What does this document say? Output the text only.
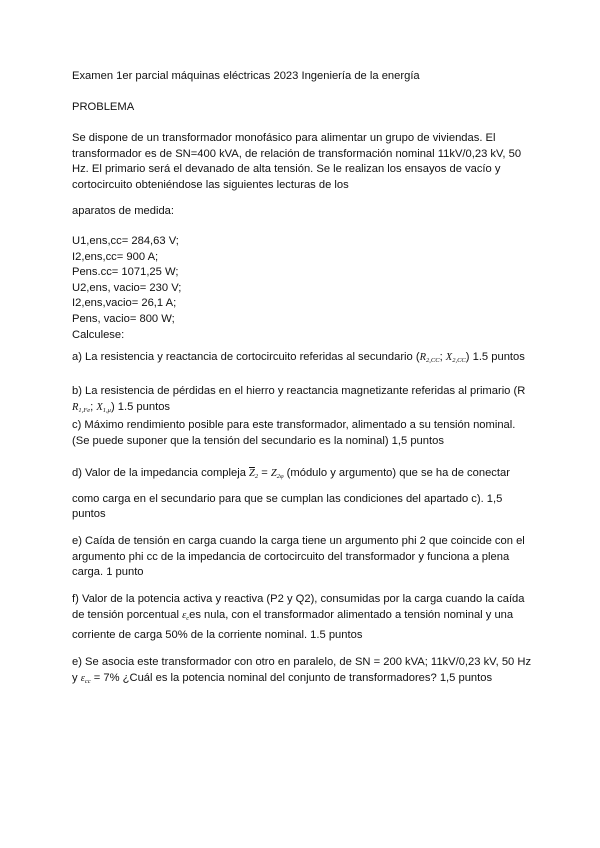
Examen 1er parcial máquinas eléctricas 2023 Ingeniería de la energía
PROBLEMA
Se dispone de un transformador monofásico para alimentar un grupo de viviendas. El
transformador es de SN=400 kVA, de relación de transformación nominal 11kV/0,23 kV, 50
Hz. El primario será el devanado de alta tensión. Se le realizan los ensayos de vacío y
cortocircuito obteniéndose las siguientes lecturas de los
aparatos de medida:
U1,ens,cc= 284,63 V;
I2,ens,cc= 900 A;
Pens.cc= 1071,25 W;
U2,ens, vacio= 230 V;
I2,ens,vacio= 26,1 A;
Pens, vacio= 800 W;
Calculese:
a) La resistencia y reactancia de cortocircuito referidas al secundario (R2,CC; X2,CC) 1.5 puntos
b) La resistencia de pérdidas en el hierro y reactancia magnetizante referidas al primario (R
R1,Fe; X1,μ) 1.5 puntos
c) Máximo rendimiento posible para este transformador, alimentado a su tensión nominal.
(Se puede suponer que la tensión del secundario es la nominal) 1,5 puntos
d) Valor de la impedancia compleja $\overline{Z}2 = Z2\varphi$ (módulo y argumento) que se ha de conectar
como carga en el secundario para que se cumplan las condiciones del apartado c). 1,5
puntos
e) Caída de tensión en carga cuando la carga tiene un argumento phi 2 que coincide con el
argumento phi cc de la impedancia de cortocircuito del transformador y funciona a plena
carga. 1 punto
f) Valor de la potencia activa y reactiva (P2 y Q2), consumidas por la carga cuando la caída
de tensión porcentual εces nula, con el transformador alimentado a tensión nominal y una
corriente de carga 50% de la corriente nominal. 1.5 puntos
e) Se asocia este transformador con otro en paralelo, de SN = 200 kVA; 11kV/0,23 kV, 50 Hz
y εcc = 7% ¿Cuál es la potencia nominal del conjunto de transformadores? 1,5 puntos
